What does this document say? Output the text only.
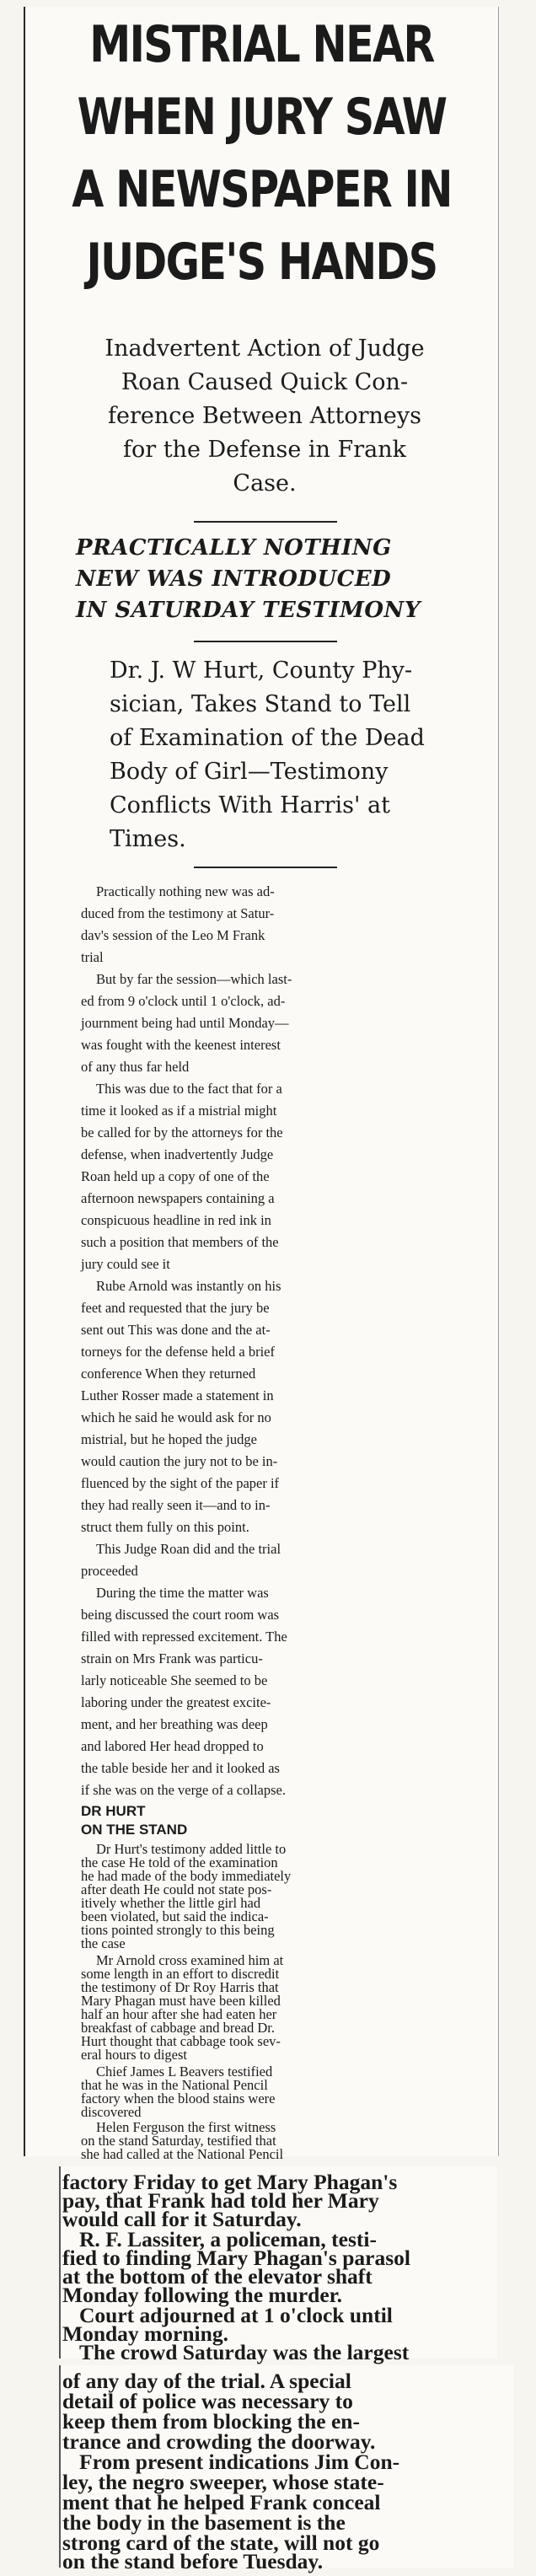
MISTRIAL NEAR
WHEN JURY SAW
A NEWSPAPER IN
JUDGE'S HANDS
Inadvertent Action of Judge
Roan Caused Quick Con-
ference Between Attorneys
for the Defense in Frank
Case.
PRACTICALLY NOTHING
NEW WAS INTRODUCED
IN SATURDAY TESTIMONY
Dr. J. W Hurt, County Phy-
sician, Takes Stand to Tell
of Examination of the Dead
Body of Girl—Testimony
Conflicts With Harris' at
Times.
Practically nothing new was ad-
duced from the testimony at Satur-
dav's session of the Leo M Frank
trial
But by far the session—which last-
ed from 9 o'clock until 1 o'clock, ad-
journment being had until Monday—
was fought with the keenest interest
of any thus far held
This was due to the fact that for a
time it looked as if a mistrial might
be called for by the attorneys for the
defense, when inadvertently Judge
Roan held up a copy of one of the
afternoon newspapers containing a
conspicuous headline in red ink in
such a position that members of the
jury could see it
Rube Arnold was instantly on his
feet and requested that the jury be
sent out This was done and the at-
torneys for the defense held a brief
conference When they returned
Luther Rosser made a statement in
which he said he would ask for no
mistrial, but he hoped the judge
would caution the jury not to be in-
fluenced by the sight of the paper if
they had really seen it—and to in-
struct them fully on this point.
This Judge Roan did and the trial
proceeded
During the time the matter was
being discussed the court room was
filled with repressed excitement. The
strain on Mrs Frank was particu-
larly noticeable She seemed to be
laboring under the greatest excite-
ment, and her breathing was deep
and labored Her head dropped to
the table beside her and it looked as
if she was on the verge of a collapse.
DR HURT
ON THE STAND
Dr Hurt's testimony added little to
the case He told of the examination
he had made of the body immediately
after death He could not state pos-
itively whether the little girl had
been violated, but said the indica-
tions pointed strongly to this being
the case
Mr Arnold cross examined him at
some length in an effort to discredit
the testimony of Dr Roy Harris that
Mary Phagan must have been killed
half an hour after she had eaten her
breakfast of cabbage and bread Dr.
Hurt thought that cabbage took sev-
eral hours to digest
Chief James L Beavers testified
that he was in the National Pencil
factory when the blood stains were
discovered
Helen Ferguson the first witness
on the stand Saturday, testified that
she had called at the National Pencil
factory Friday to get Mary Phagan's
pay, that Frank had told her Mary
would call for it Saturday.
R. F. Lassiter, a policeman, testi-
fied to finding Mary Phagan's parasol
at the bottom of the elevator shaft
Monday following the murder.
Court adjourned at 1 o'clock until
Monday morning.
The crowd Saturday was the largest
of any day of the trial. A special
detail of police was necessary to
keep them from blocking the en-
trance and crowding the doorway.
From present indications Jim Con-
ley, the negro sweeper, whose state-
ment that he helped Frank conceal
the body in the basement is the
strong card of the state, will not go
on the stand before Tuesday.
